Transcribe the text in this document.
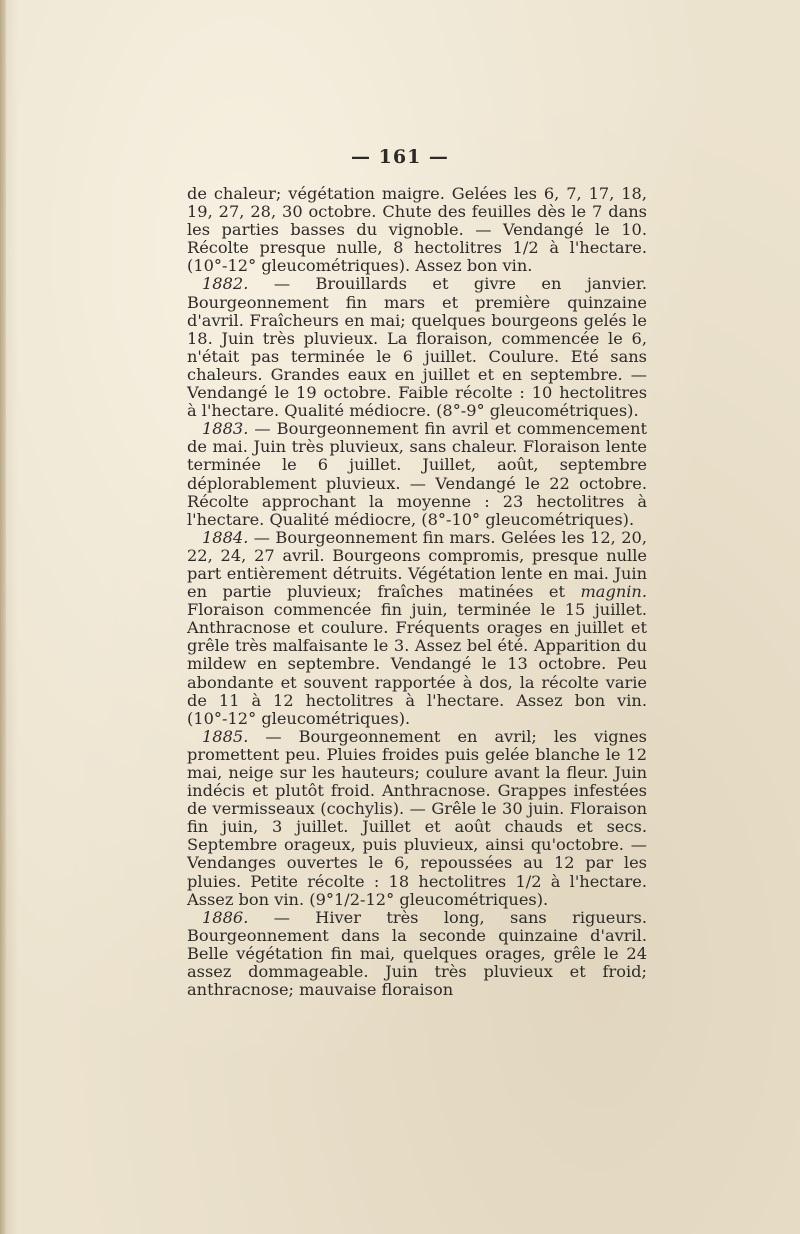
— 161 —

de chaleur; végétation maigre. Gelées les 6, 7, 17, 18, 19, 27, 28, 30 octobre. Chute des feuilles dès le 7 dans les parties basses du vignoble. — Vendangé le 10. Récolte presque nulle, 8 hectolitres 1/2 à l'hectare. (10°-12° gleucométriques). Assez bon vin.

1882. — Brouillards et givre en janvier. Bourgeonnement fin mars et première quinzaine d'avril. Fraîcheurs en mai; quelques bourgeons gelés le 18. Juin très pluvieux. La floraison, commencée le 6, n'était pas terminée le 6 juillet. Coulure. Eté sans chaleurs. Grandes eaux en juillet et en septembre. — Vendangé le 19 octobre. Faible récolte : 10 hectolitres à l'hectare. Qualité médiocre. (8°-9° gleucométriques).

1883. — Bourgeonnement fin avril et commencement de mai. Juin très pluvieux, sans chaleur. Floraison lente terminée le 6 juillet. Juillet, août, septembre déplorablement pluvieux. — Vendangé le 22 octobre. Récolte approchant la moyenne : 23 hectolitres à l'hectare. Qualité médiocre, (8°-10° gleucométriques).

1884. — Bourgeonnement fin mars. Gelées les 12, 20, 22, 24, 27 avril. Bourgeons compromis, presque nulle part entièrement détruits. Végétation lente en mai. Juin en partie pluvieux; fraîches matinées et magnin. Floraison commencée fin juin, terminée le 15 juillet. Anthracnose et coulure. Fréquents orages en juillet et grêle très malfaisante le 3. Assez bel été. Apparition du mildew en septembre. Vendangé le 13 octobre. Peu abondante et souvent rapportée à dos, la récolte varie de 11 à 12 hectolitres à l'hectare. Assez bon vin. (10°-12° gleucométriques).

1885. — Bourgeonnement en avril; les vignes promettent peu. Pluies froides puis gelée blanche le 12 mai, neige sur les hauteurs; coulure avant la fleur. Juin indécis et plutôt froid. Anthracnose. Grappes infestées de vermisseaux (cochylis). — Grêle le 30 juin. Floraison fin juin, 3 juillet. Juillet et août chauds et secs. Septembre orageux, puis pluvieux, ainsi qu'octobre. — Vendanges ouvertes le 6, repoussées au 12 par les pluies. Petite récolte : 18 hectolitres 1/2 à l'hectare. Assez bon vin. (9°1/2-12° gleucométriques).

1886. — Hiver très long, sans rigueurs. Bourgeonnement dans la seconde quinzaine d'avril. Belle végétation fin mai, quelques orages, grêle le 24 assez dommageable. Juin très pluvieux et froid; anthracnose; mauvaise floraison
